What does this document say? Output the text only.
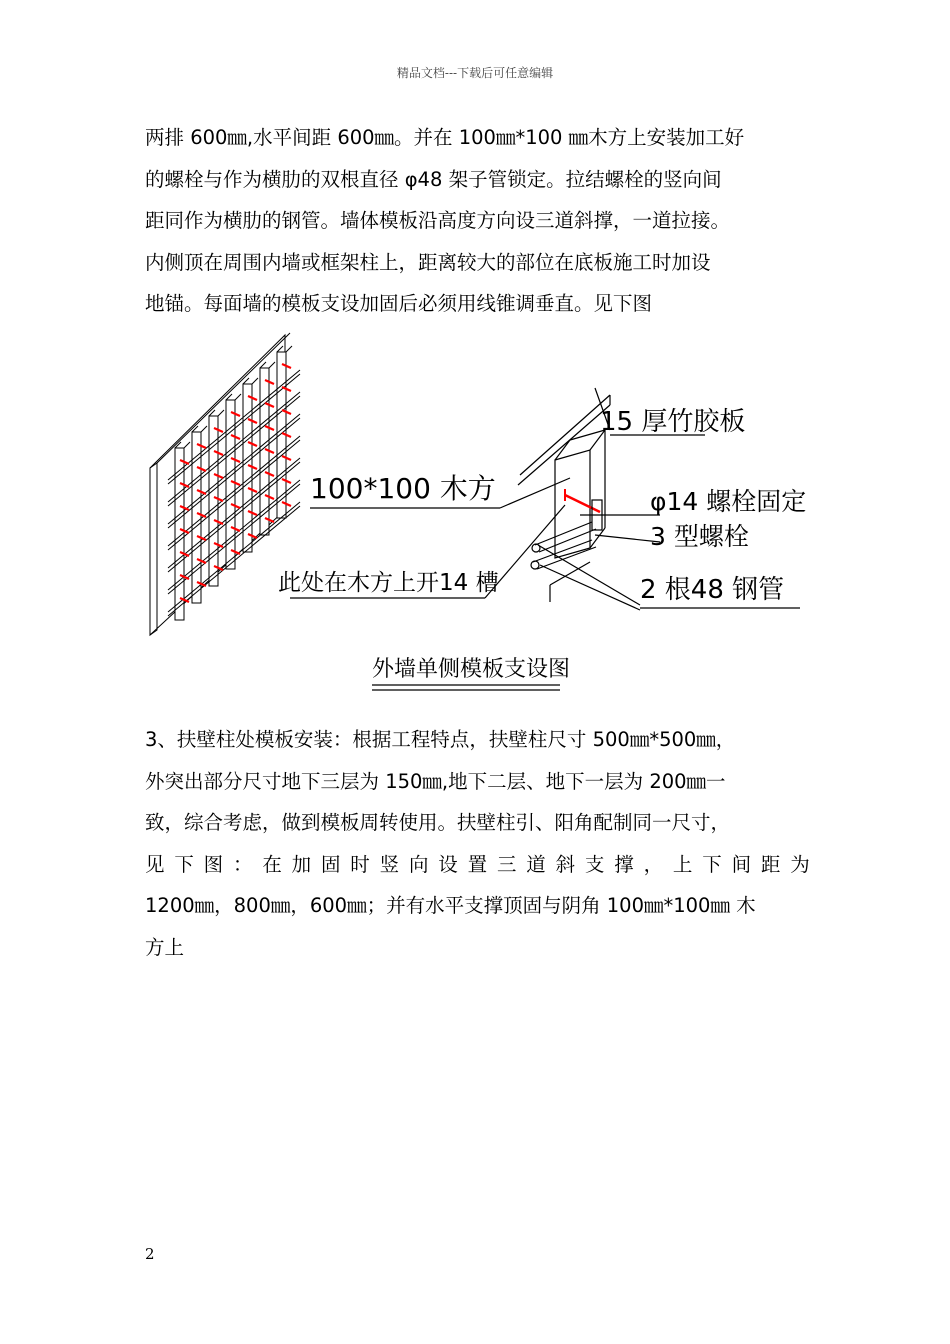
精品文档---下载后可任意编辑

两排 600㎜,水平间距 600㎜。并在 100㎜*100 ㎜木方上安装加工好

的螺栓与作为横肋的双根直径 φ48 架子管锁定。拉结螺栓的竖向间

距同作为横肋的钢管。墙体模板沿高度方向设三道斜撑，一道拉接。

内侧顶在周围内墙或框架柱上，距离较大的部位在底板施工时加设

地锚。每面墙的模板支设加固后必须用线锥调垂直。见下图

15 厚竹胶板
100*100 木方	φ14 螺栓固定
3 型螺栓
此处在木方上开14 槽	2 根48 钢管
外墙单侧模板支设图

3、扶壁柱处模板安装：根据工程特点，扶壁柱尺寸 500㎜*500㎜，

外突出部分尺寸地下三层为 150㎜,地下二层、地下一层为 200㎜一

致，综合考虑，做到模板周转使用。扶壁柱引、阳角配制同一尺寸，

见 下 图 ： 在 加 固 时 竖 向 设 置 三 道 斜 支 撑 ， 上 下 间 距 为

1200㎜，800㎜，600㎜；并有水平支撑顶固与阴角 100㎜*100㎜ 木

方上

2
